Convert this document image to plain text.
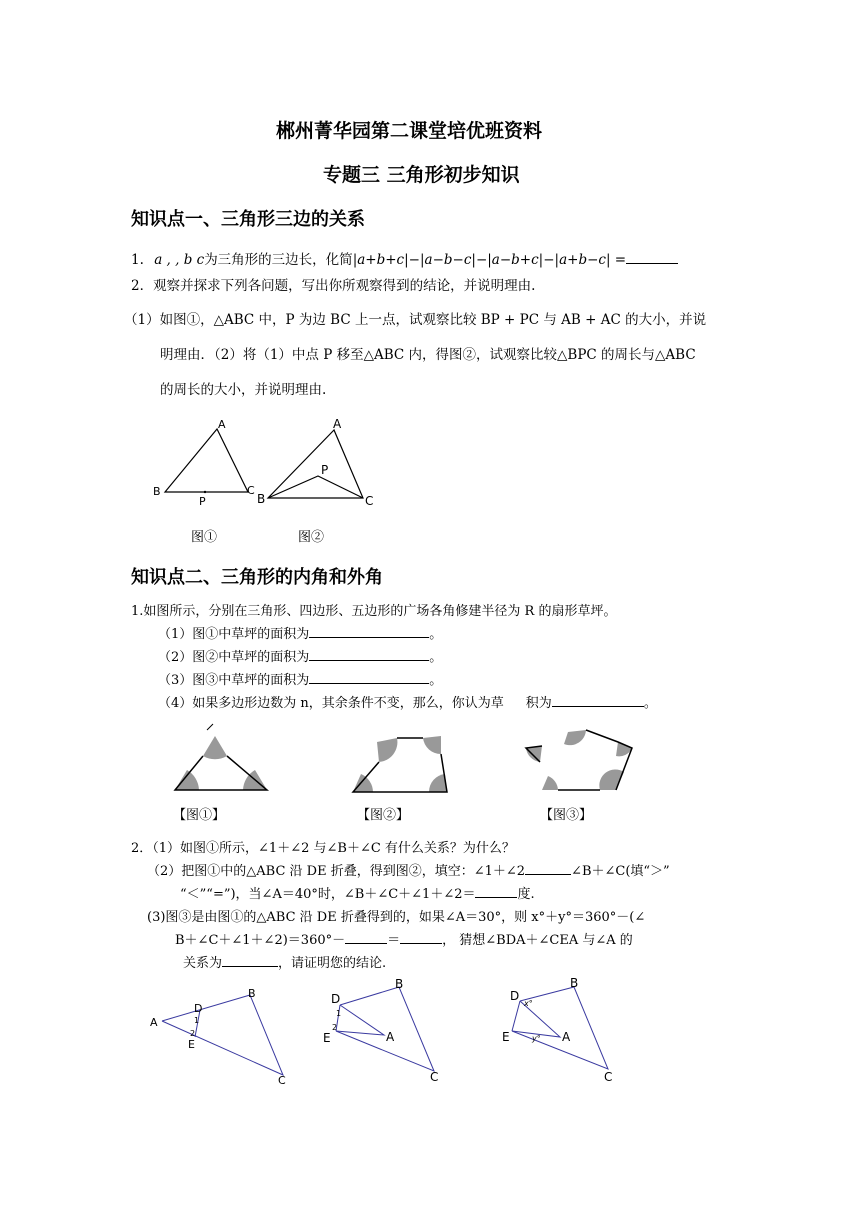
郴州菁华园第二课堂培优班资料
专题三 三角形初步知识
知识点一、三角形三边的关系
1. a , , b c为三角形的三边长，化简|a+b+c|−|a−b−c|−|a−b+c|−|a+b−c| =
2．观察并探求下列各问题，写出你所观察得到的结论，并说明理由.
（1）如图①，△ABC 中，P 为边 BC 上一点，试观察比较 BP + PC 与 AB + AC 的大小，并说
明理由．（2）将（1）中点 P 移至△ABC 内，得图②，试观察比较△BPC 的周长与△ABC
的周长的大小，并说明理由.
A
B	C
P
A
P
B	C
图①	图②
知识点二、三角形的内角和外角
1.如图所示，分别在三角形、四边形、五边形的广场各角修建半径为 R 的扇形草坪。
（1）图①中草坪的面积为	。
（2）图②中草坪的面积为	。
（3）图③中草坪的面积为	。
（4）如果多边形边数为 n，其余条件不变，那么，你认为草 积为	。
【图①】	【图②】	【图③】
2．（1）如图①所示，∠1＋∠2 与∠B＋∠C 有什么关系？为什么？
（2）把图①中的△ABC 沿 DE 折叠，得到图②，填空：∠1＋∠2	∠B＋∠C(填“＞”
“＜”“=”)，当∠A＝40°时，∠B＋∠C＋∠1＋∠2＝	度.
(3)图③是由图①的△ABC 沿 DE 折叠得到的，如果∠A＝30°，则 x°＋y°＝360°－(∠
B＋∠C＋∠1＋∠2)＝360°－	＝	， 猜想∠BDA＋∠CEA 与∠A 的
关系为	，请证明您的结论.
A
B
C
D
E
1
2
D
B
E	A
C
1
2
D
B
E	A
C
x°
y°
